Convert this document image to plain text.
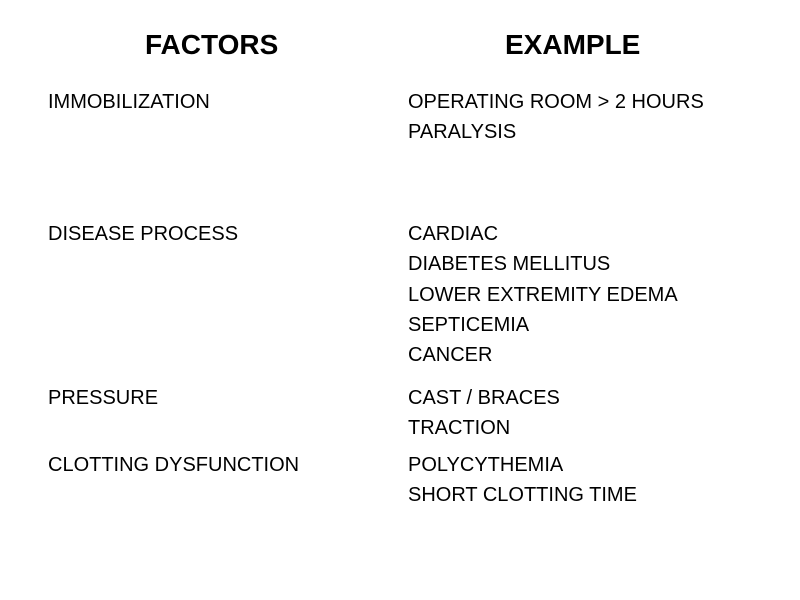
FACTORS	EXAMPLE
IMMOBILIZATION	OPERATING ROOM > 2 HOURS
PARALYSIS
DISEASE PROCESS	CARDIAC
DIABETES MELLITUS
LOWER EXTREMITY EDEMA
SEPTICEMIA
CANCER
PRESSURE	CAST / BRACES
TRACTION
CLOTTING DYSFUNCTION	POLYCYTHEMIA
SHORT CLOTTING TIME
